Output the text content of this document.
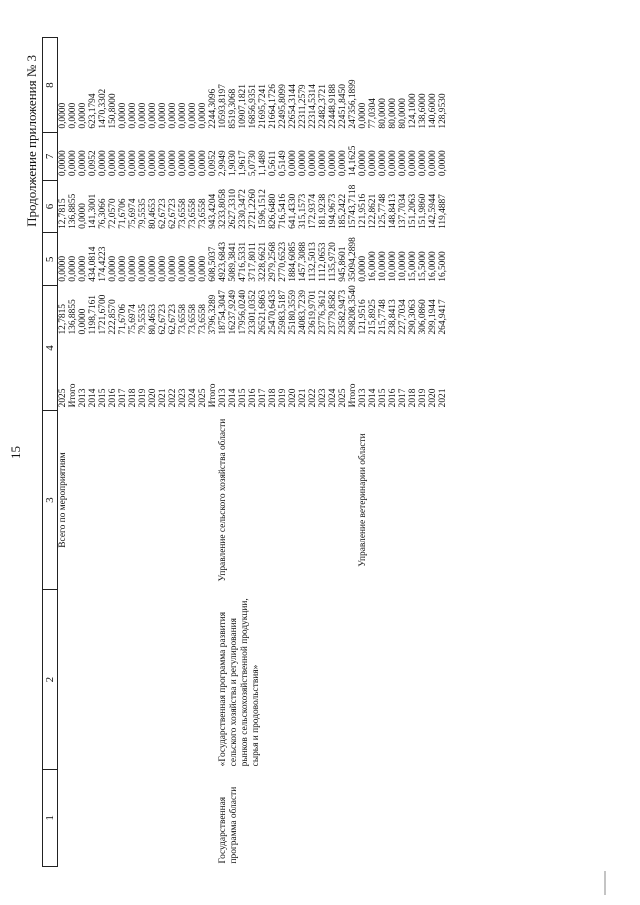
15
Продолжение приложения № 3
1	2	3	4		5	6	7	8
		Всего по мероприятиям	2025	12,7815	0,0000	12,7815	0,0000	0,0000
			Итого	136,8855	0,0000	136,8855	0,0000	0,0000
			2013	0,0000	0,0000	0,0000	0,0000	0,0000
			2014	1198,7161	434,0814	141,3001	0,0952	623,1794
			2015	1721,6700	174,4223	76,3066	0,0000	1470,3302
			2016	222,8570	0,0000	72,0570	0,0000	150,8000
			2017	71,6706	0,0000	71,6706	0,0000	0,0000
			2018	75,6974	0,0000	75,6974	0,0000	0,0000
			2019	79,5535	0,0000	79,5535	0,0000	0,0000
			2020	80,4653	0,0000	80,4653	0,0000	0,0000
			2021	62,6723	0,0000	62,6723	0,0000	0,0000
			2022	62,6723	0,0000	62,6723	0,0000	0,0000
			2023	73,6558	0,0000	73,6558	0,0000	0,0000
			2024	73,6558	0,0000	73,6558	0,0000	0,0000
			2025	73,6558	0,0000	73,6558	0,0000	0,0000
			Итого	3796,3289	608,5037	943,4204	0,0952	2244,3096
Государственная программа области	«Государственная программа развития сельского хозяйства и регулирования рынков сельскохозяйственной продукции, сырья и продовольствия»	Управление сельского хозяйства области	2013	18754,3047	4923,6843	3233,8058	2,9949	10593,8197
			2014	16237,9249	5089,3841	2627,3310	1,9030	8519,3068
			2015	17956,0240	4716,5331	2330,3472	1,9617	10907,1821
			2016	23301,0352	3717,8011	2721,2260	5,0730	16856,9351
			2017	26521,6863	3228,6621	1596,1512	1,1489	21695,7241
			2018	25470,6435	2979,2568	826,6480	0,5611	21664,1726
			2019	25983,5187	2770,6523	716,5416	0,5149	22495,8099
			2020	25180,3559	1884,6085	641,4330	0,0000	22654,3144
			2021	24083,7239	1457,3088	315,1573	0,0000	22311,2579
			2022	23619,9701	1132,5013	172,9374	0,0000	22314,5314
			2023	23776,3612	1112,0653	181,9238	0,0000	22482,3721
			2024	23779,8582	1135,9720	194,9673	0,0000	22448,9188
			2025	23582,9473	945,8601	185,2422	0,0000	22451,8450
			Итого	298208,3540	35094,2898	15743,7118	14,1625	247356,1899
		Управление ветеринарии области	2013	121,9516	0,0000	121,9516	0,0000	0,0000
			2014	215,8925	16,0000	122,8621	0,0000	77,0304
			2015	215,7748	10,0000	125,7748	0,0000	80,0000
			2016	238,8413	10,0000	148,8413	0,0000	80,0000
			2017	227,7034	10,0000	137,7034	0,0000	80,0000
			2018	290,3063	15,0000	151,2063	0,0000	124,1000
			2019	306,0860	15,5000	151,9860	0,0000	138,6000
			2020	299,1944	16,0000	142,5944	0,0000	140,6000
			2021	264,9417	16,5000	119,4887	0,0000	128,9530
